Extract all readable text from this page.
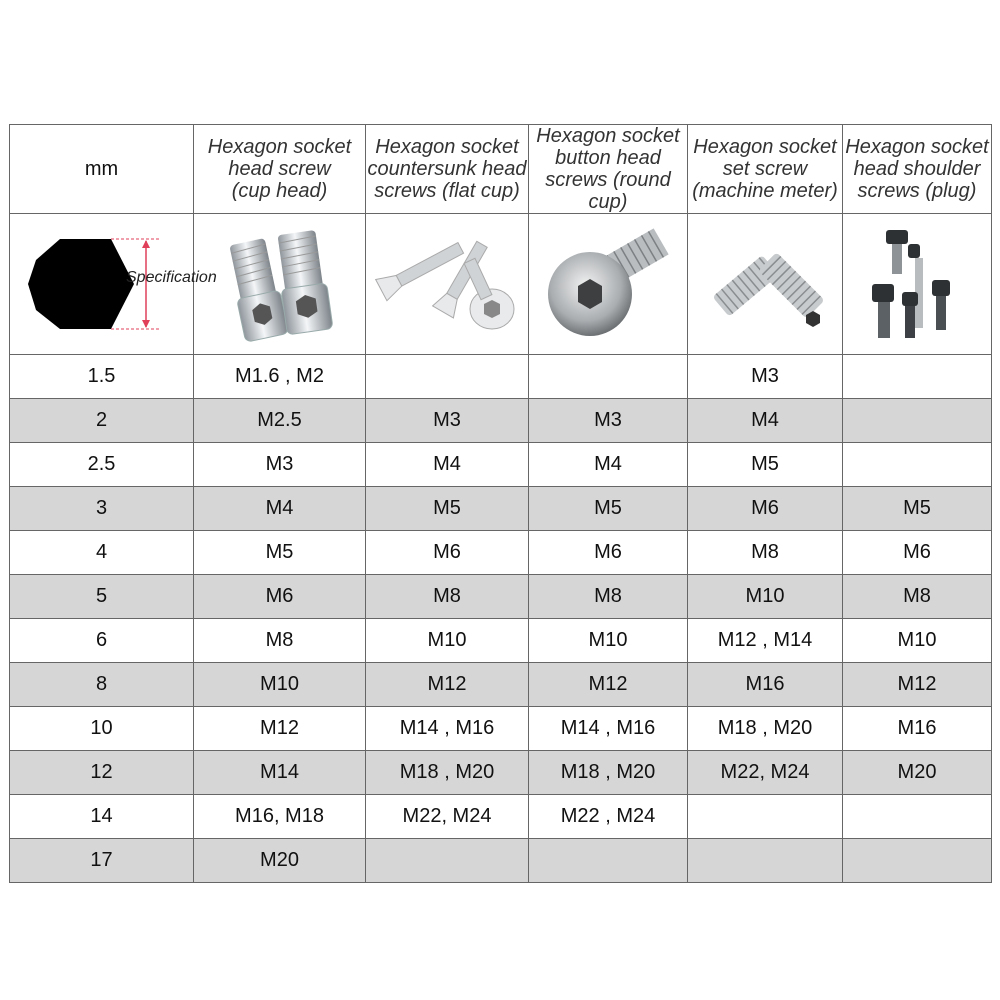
mm	Hexagon socket
head screw
(cup head)	Hexagon socket
countersunk head
screws (flat cup)	Hexagon socket
button head
screws (round cup)	Hexagon socket
set screw
(machine meter)	Hexagon socket
head shoulder
screws (plug)

Specification

1.5	M1.6 , M2			M3	
2	M2.5	M3	M3	M4	
2.5	M3	M4	M4	M5	
3	M4	M5	M5	M6	M5
4	M5	M6	M6	M8	M6
5	M6	M8	M8	M10	M8
6	M8	M10	M10	M12 , M14	M10
8	M10	M12	M12	M16	M12
10	M12	M14 , M16	M14 , M16	M18 , M20	M16
12	M14	M18 , M20	M18 , M20	M22, M24	M20
14	M16, M18	M22, M24	M22 , M24		
17	M20				
